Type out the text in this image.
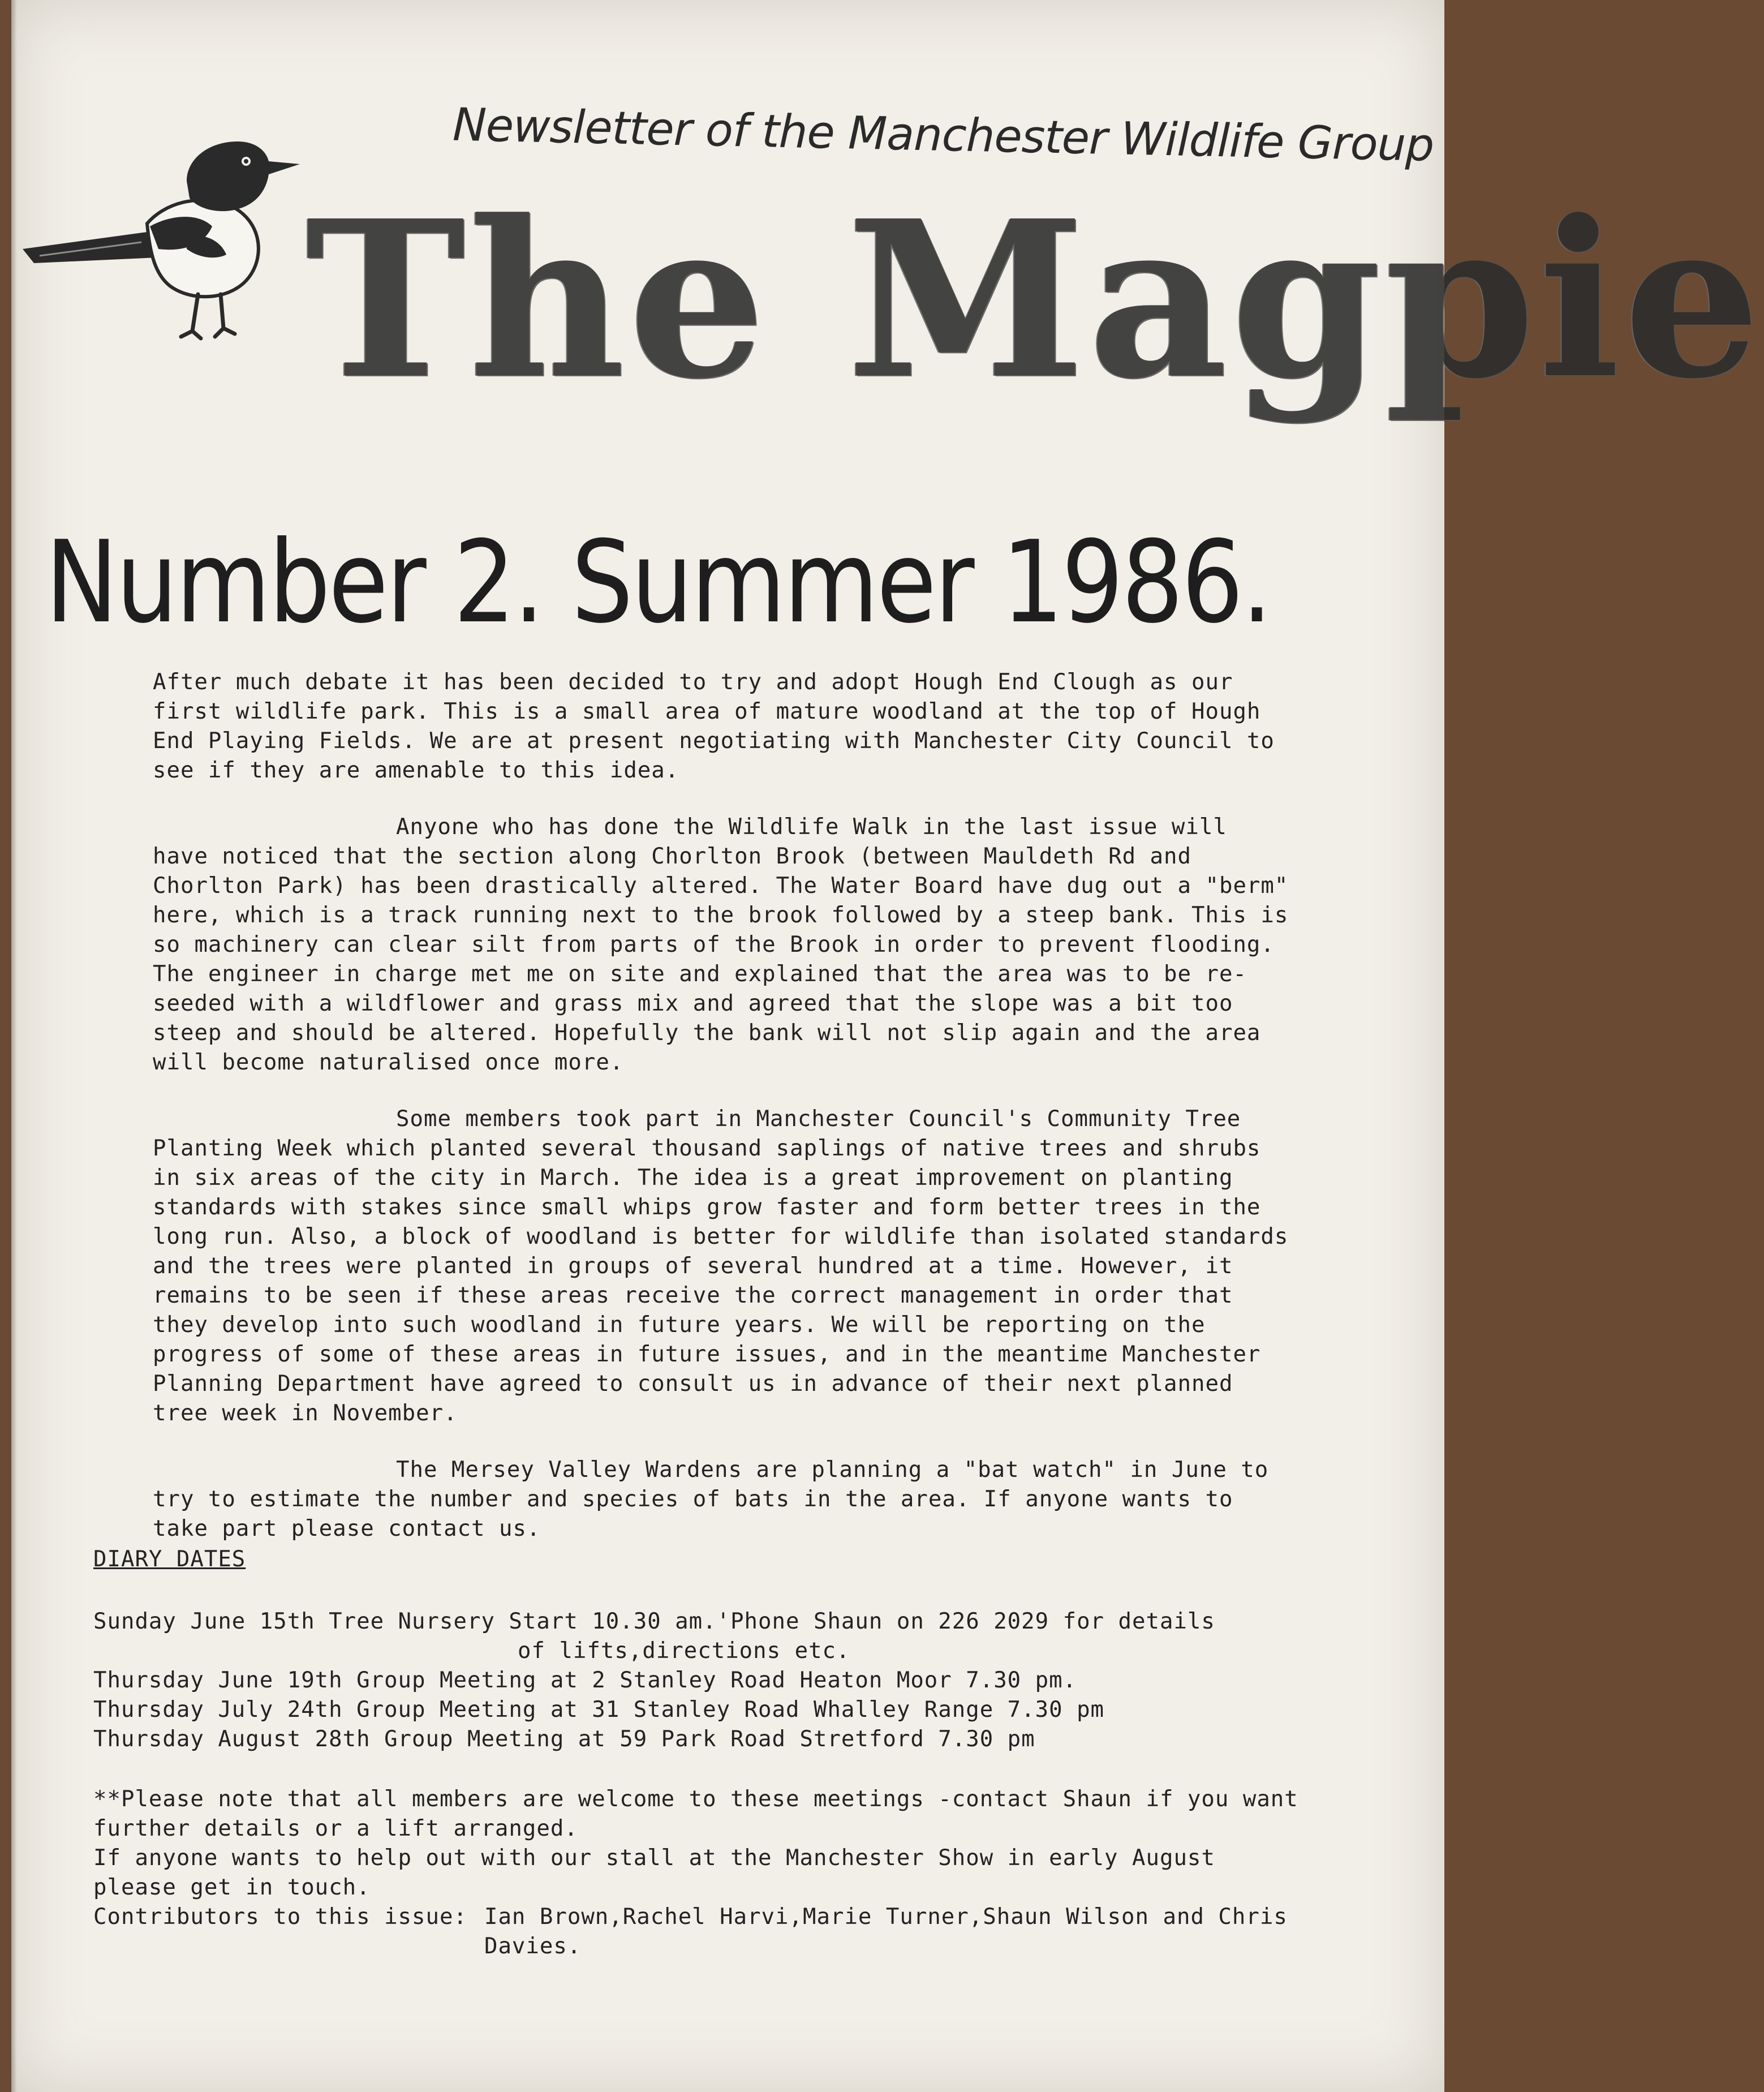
Newsletter of the Manchester Wildlife Group
The Magpie
Number 2. Summer 1986.

After much debate it has been decided to try and adopt Hough End Clough as our first wildlife park. This is a small area of mature woodland at the top of Hough End Playing Fields. We are at present negotiating with Manchester City Council to see if they are amenable to this idea.

Anyone who has done the Wildlife Walk in the last issue will have noticed that the section along Chorlton Brook (between Mauldeth Rd and Chorlton Park) has been drastically altered. The Water Board have dug out a "berm" here, which is a track running next to the brook followed by a steep bank. This is so machinery can clear silt from parts of the Brook in order to prevent flooding. The engineer in charge met me on site and explained that the area was to be re-seeded with a wildflower and grass mix and agreed that the slope was a bit too steep and should be altered. Hopefully the bank will not slip again and the area will become naturalised once more.

Some members took part in Manchester Council's Community Tree Planting Week which planted several thousand saplings of native trees and shrubs in six areas of the city in March. The idea is a great improvement on planting standards with stakes since small whips grow faster and form better trees in the long run. Also, a block of woodland is better for wildlife than isolated standards and the trees were planted in groups of several hundred at a time. However, it remains to be seen if these areas receive the correct management in order that they develop into such woodland in future years. We will be reporting on the progress of some of these areas in future issues, and in the meantime Manchester Planning Department have agreed to consult us in advance of their next planned tree week in November.

The Mersey Valley Wardens are planning a "bat watch" in June to try to estimate the number and species of bats in the area. If anyone wants to take part please contact us.

DIARY DATES

Sunday June 15th Tree Nursery Start 10.30 am.'Phone Shaun on 226 2029 for details

of lifts,directions etc.

Thursday June 19th Group Meeting at 2 Stanley Road Heaton Moor 7.30 pm.

Thursday July 24th Group Meeting at 31 Stanley Road Whalley Range 7.30 pm

Thursday August 28th Group Meeting at 59 Park Road Stretford 7.30 pm

**Please note that all members are welcome to these meetings -contact Shaun if you want further details or a lift arranged.

If anyone wants to help out with our stall at the Manchester Show in early August please get in touch.

Contributors to this issue: Ian Brown,Rachel Harvi,Marie Turner,Shaun Wilson and Chris Davies.
